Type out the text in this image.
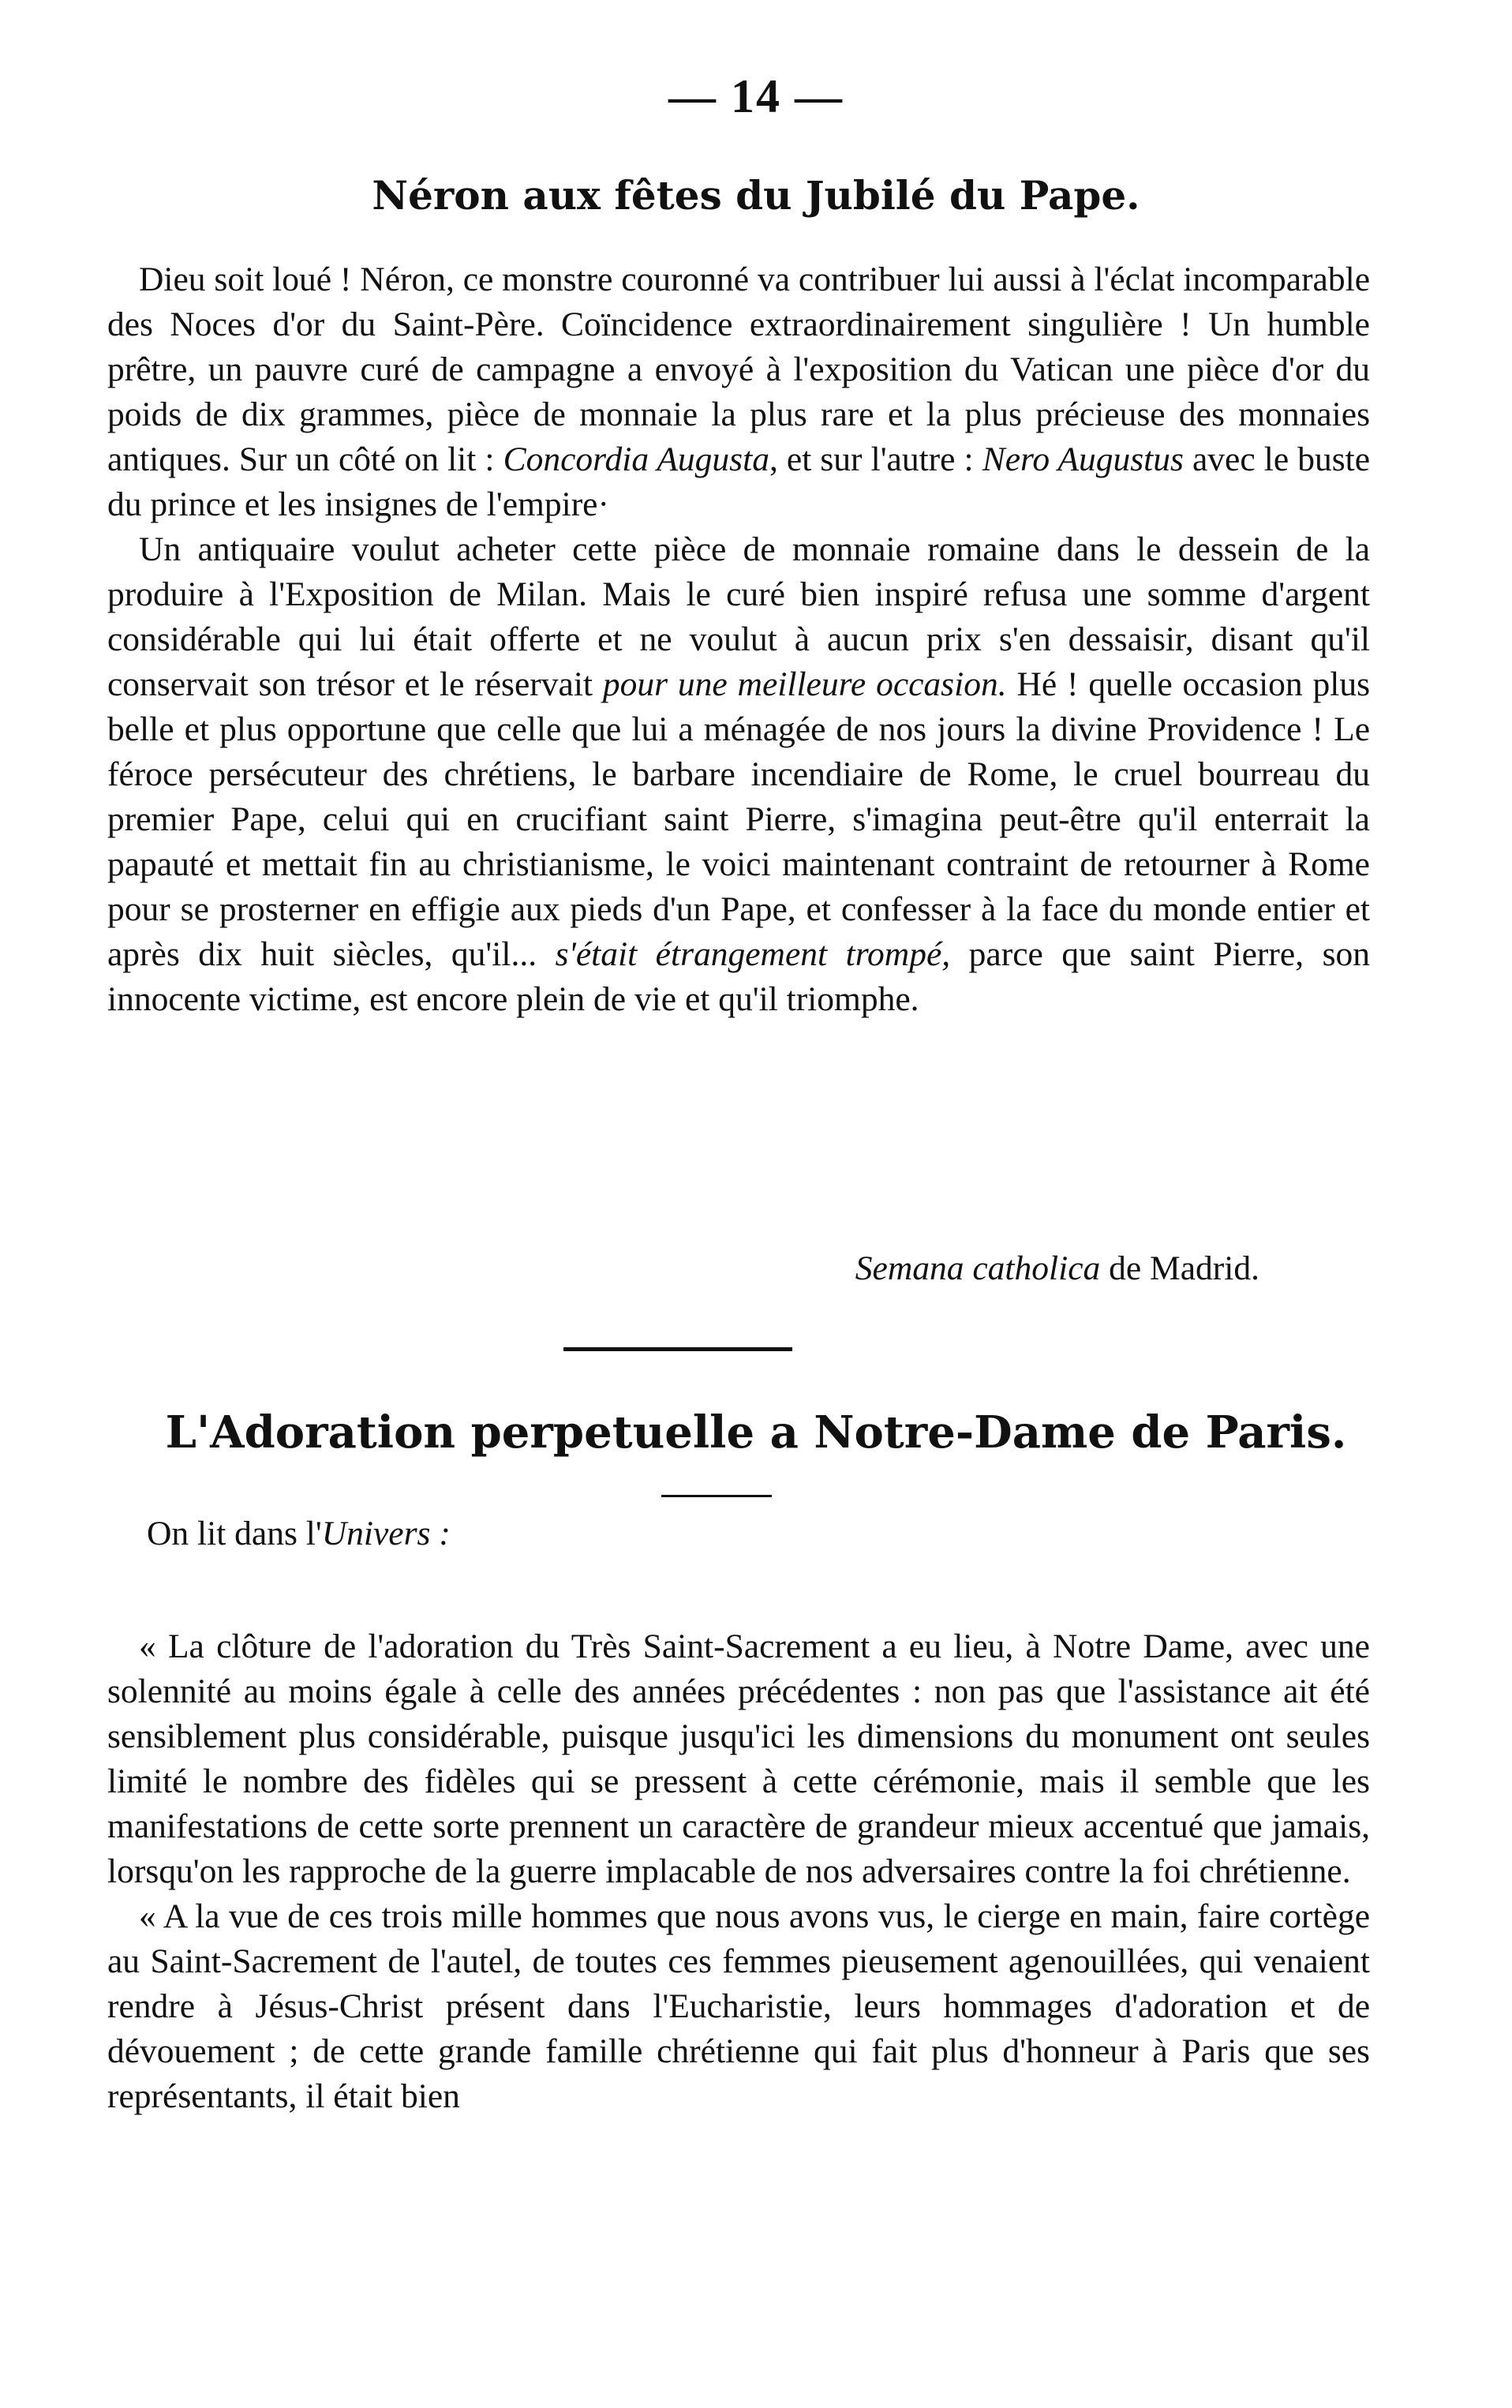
— 14 —
Néron aux fêtes du Jubilé du Pape.

Dieu soit loué ! Néron, ce monstre couronné va contribuer lui aussi à l'éclat incomparable des Noces d'or du Saint-Père. Coïncidence extraordinairement singulière ! Un humble prêtre, un pauvre curé de campagne a envoyé à l'exposition du Vatican une pièce d'or du poids de dix grammes, pièce de monnaie la plus rare et la plus précieuse des monnaies antiques. Sur un côté on lit : Concordia Augusta, et sur l'autre : Nero Augustus avec le buste du prince et les insignes de l'empire·

Un antiquaire voulut acheter cette pièce de monnaie romaine dans le dessein de la produire à l'Exposition de Milan. Mais le curé bien inspiré refusa une somme d'argent considérable qui lui était offerte et ne voulut à aucun prix s'en dessaisir, disant qu'il conservait son trésor et le réservait pour une meilleure occasion. Hé ! quelle occasion plus belle et plus opportune que celle que lui a ménagée de nos jours la divine Providence ! Le féroce persécuteur des chrétiens, le barbare incendiaire de Rome, le cruel bourreau du premier Pape, celui qui en crucifiant saint Pierre, s'imagina peut-être qu'il enterrait la papauté et mettait fin au christianisme, le voici maintenant contraint de retourner à Rome pour se prosterner en effigie aux pieds d'un Pape, et confesser à la face du monde entier et après dix huit siècles, qu'il... s'était étrangement trompé, parce que saint Pierre, son innocente victime, est encore plein de vie et qu'il triomphe.

Semana catholica de Madrid.
L'Adoration perpetuelle a Notre-Dame de Paris.
On lit dans l'Univers :

« La clôture de l'adoration du Très Saint-Sacrement a eu lieu, à Notre Dame, avec une solennité au moins égale à celle des années précédentes : non pas que l'assistance ait été sensiblement plus considérable, puisque jusqu'ici les dimensions du monument ont seules limité le nombre des fidèles qui se pressent à cette cérémonie, mais il semble que les manifestations de cette sorte prennent un caractère de grandeur mieux accentué que jamais, lorsqu'on les rapproche de la guerre implacable de nos adversaires contre la foi chrétienne.

« A la vue de ces trois mille hommes que nous avons vus, le cierge en main, faire cortège au Saint-Sacrement de l'autel, de toutes ces femmes pieusement agenouillées, qui venaient rendre à Jésus-Christ présent dans l'Eucharistie, leurs hommages d'adoration et de dévouement ; de cette grande famille chrétienne qui fait plus d'honneur à Paris que ses représentants, il était bien
